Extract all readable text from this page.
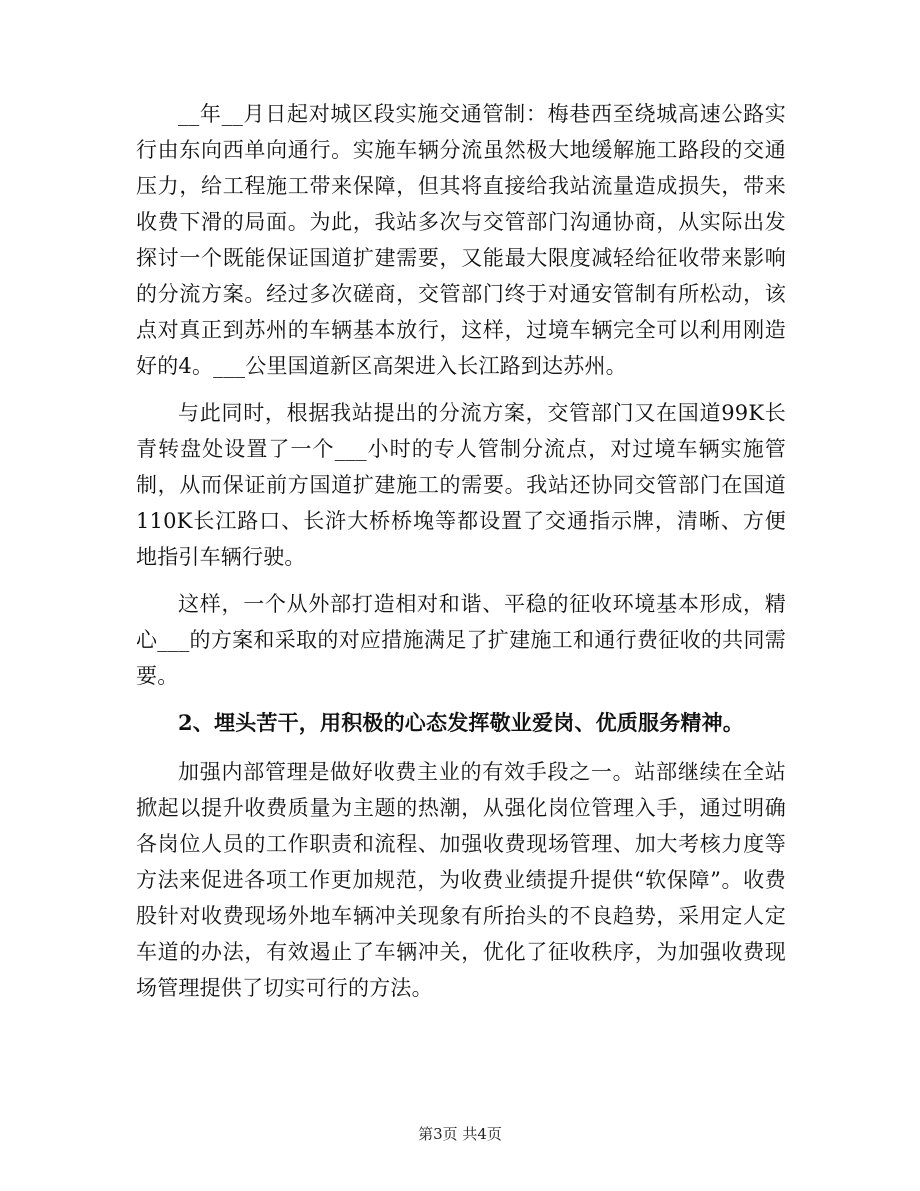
__年__月日起对城区段实施交通管制：梅巷西至绕城高速公路实行由东向西单向通行。实施车辆分流虽然极大地缓解施工路段的交通压力，给工程施工带来保障，但其将直接给我站流量造成损失，带来收费下滑的局面。为此，我站多次与交管部门沟通协商，从实际出发探讨一个既能保证国道扩建需要，又能最大限度减轻给征收带来影响的分流方案。经过多次磋商，交管部门终于对通安管制有所松动，该点对真正到苏州的车辆基本放行，这样，过境车辆完全可以利用刚造好的4。___公里国道新区高架进入长江路到达苏州。

与此同时，根据我站提出的分流方案，交管部门又在国道99K长青转盘处设置了一个___小时的专人管制分流点，对过境车辆实施管制，从而保证前方国道扩建施工的需要。我站还协同交管部门在国道110K长江路口、长浒大桥桥堍等都设置了交通指示牌，清晰、方便地指引车辆行驶。

这样，一个从外部打造相对和谐、平稳的征收环境基本形成，精心___的方案和采取的对应措施满足了扩建施工和通行费征收的共同需要。

2、埋头苦干，用积极的心态发挥敬业爱岗、优质服务精神。

加强内部管理是做好收费主业的有效手段之一。站部继续在全站掀起以提升收费质量为主题的热潮，从强化岗位管理入手，通过明确各岗位人员的工作职责和流程、加强收费现场管理、加大考核力度等方法来促进各项工作更加规范，为收费业绩提升提供“软保障”。收费股针对收费现场外地车辆冲关现象有所抬头的不良趋势，采用定人定车道的办法，有效遏止了车辆冲关，优化了征收秩序，为加强收费现场管理提供了切实可行的方法。

第3页 共4页
